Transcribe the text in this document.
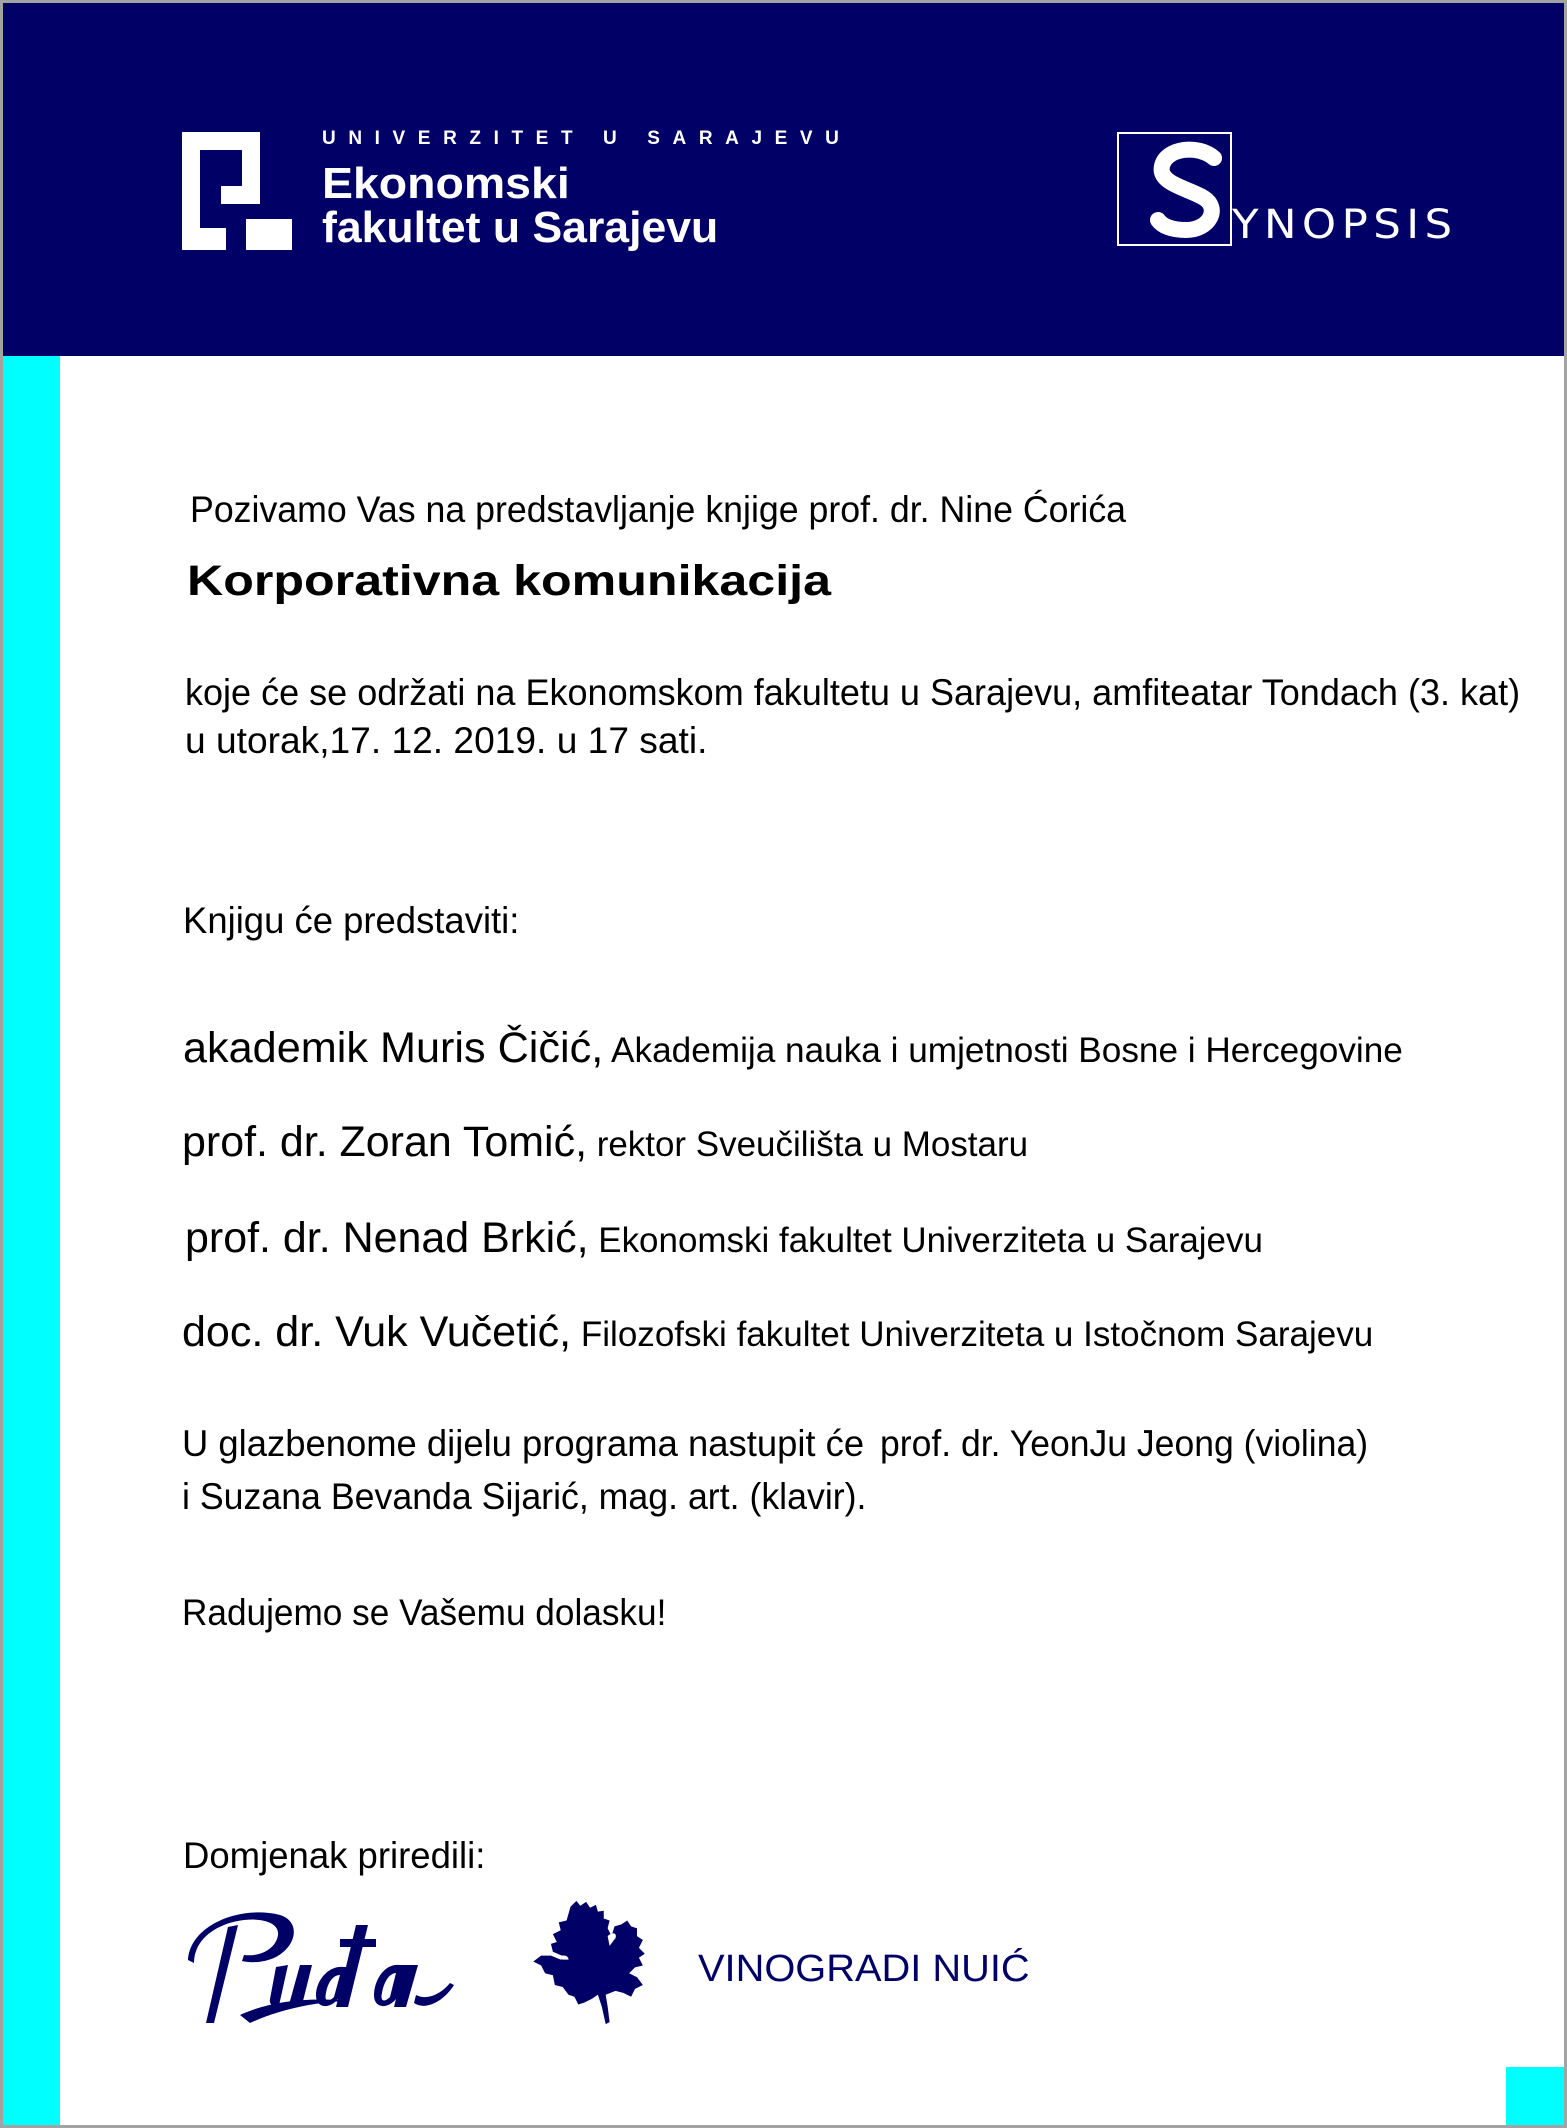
UNIVERZITET U SARAJEVU
Ekonomski
fakultet u Sarajevu	YNOPSIS
Pozivamo Vas na predstavljanje knjige prof. dr. Nine Ćorića
Korporativna komunikacija
koje će se održati na Ekonomskom fakultetu u Sarajevu, amfiteatar Tondach (3. kat)
u utorak,17. 12. 2019. u 17 sati.
Knjigu će predstaviti:
akademik Muris Čičić, Akademija nauka i umjetnosti Bosne i Hercegovine
prof. dr. Zoran Tomić, rektor Sveučilišta u Mostaru
prof. dr. Nenad Brkić, Ekonomski fakultet Univerziteta u Sarajevu
doc. dr. Vuk Vučetić, Filozofski fakultet Univerziteta u Istočnom Sarajevu
U glazbenome dijelu programa nastupit će prof. dr. YeonJu Jeong (violina)
i Suzana Bevanda Sijarić, mag. art. (klavir).
Radujemo se Vašemu dolasku!
Domjenak priredili:
VINOGRADI NUIĆ
